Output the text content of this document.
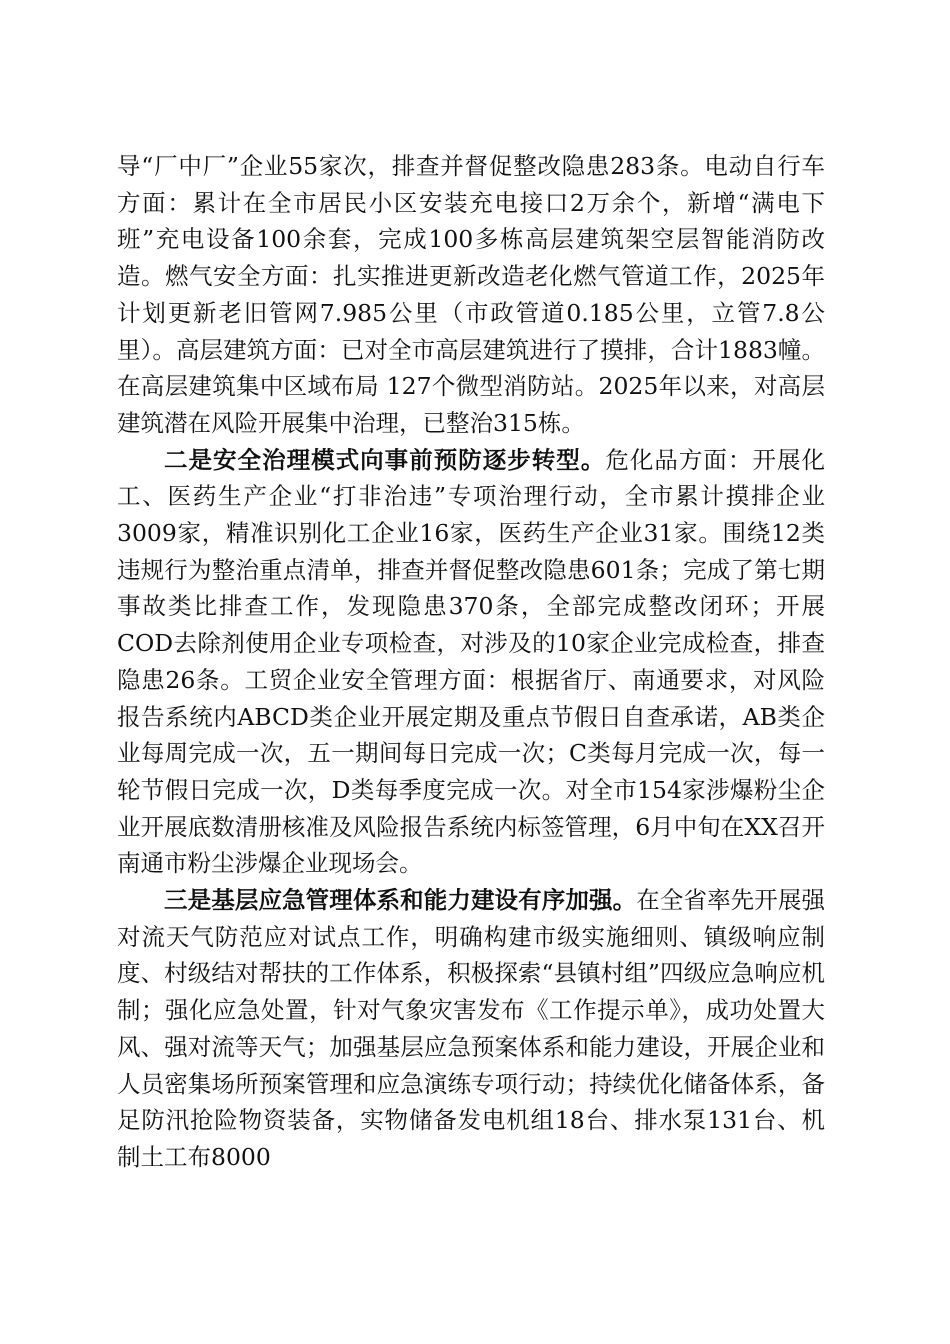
导“厂中厂”企业55家次，排查并督促整改隐患283条。电动自行车方面：累计在全市居民小区安装充电接口2万余个，新增“满电下班”充电设备100余套，完成100多栋高层建筑架空层智能消防改造。燃气安全方面：扎实推进更新改造老化燃气管道工作，2025年计划更新老旧管网7.985公里（市政管道0.185公里，立管7.8公里）。高层建筑方面：已对全市高层建筑进行了摸排，合计1883幢。在高层建筑集中区域布局 127个微型消防站。2025年以来，对高层建筑潜在风险开展集中治理，已整治315栋。

二是安全治理模式向事前预防逐步转型。危化品方面：开展化工、医药生产企业“打非治违”专项治理行动，全市累计摸排企业3009家，精准识别化工企业16家，医药生产企业31家。围绕12类违规行为整治重点清单，排查并督促整改隐患601条；完成了第七期事故类比排查工作，发现隐患370条，全部完成整改闭环；开展COD去除剂使用企业专项检查，对涉及的10家企业完成检查，排查隐患26条。工贸企业安全管理方面：根据省厅、南通要求，对风险报告系统内ABCD类企业开展定期及重点节假日自查承诺，AB类企业每周完成一次，五一期间每日完成一次；C类每月完成一次，每一轮节假日完成一次，D类每季度完成一次。对全市154家涉爆粉尘企业开展底数清册核准及风险报告系统内标签管理，6月中旬在XX召开南通市粉尘涉爆企业现场会。

三是基层应急管理体系和能力建设有序加强。在全省率先开展强对流天气防范应对试点工作，明确构建市级实施细则、镇级响应制度、村级结对帮扶的工作体系，积极探索“县镇村组”四级应急响应机制；强化应急处置，针对气象灾害发布《工作提示单》，成功处置大风、强对流等天气；加强基层应急预案体系和能力建设，开展企业和人员密集场所预案管理和应急演练专项行动；持续优化储备体系，备足防汛抢险物资装备，实物储备发电机组18台、排水泵131台、机制土工布8000
